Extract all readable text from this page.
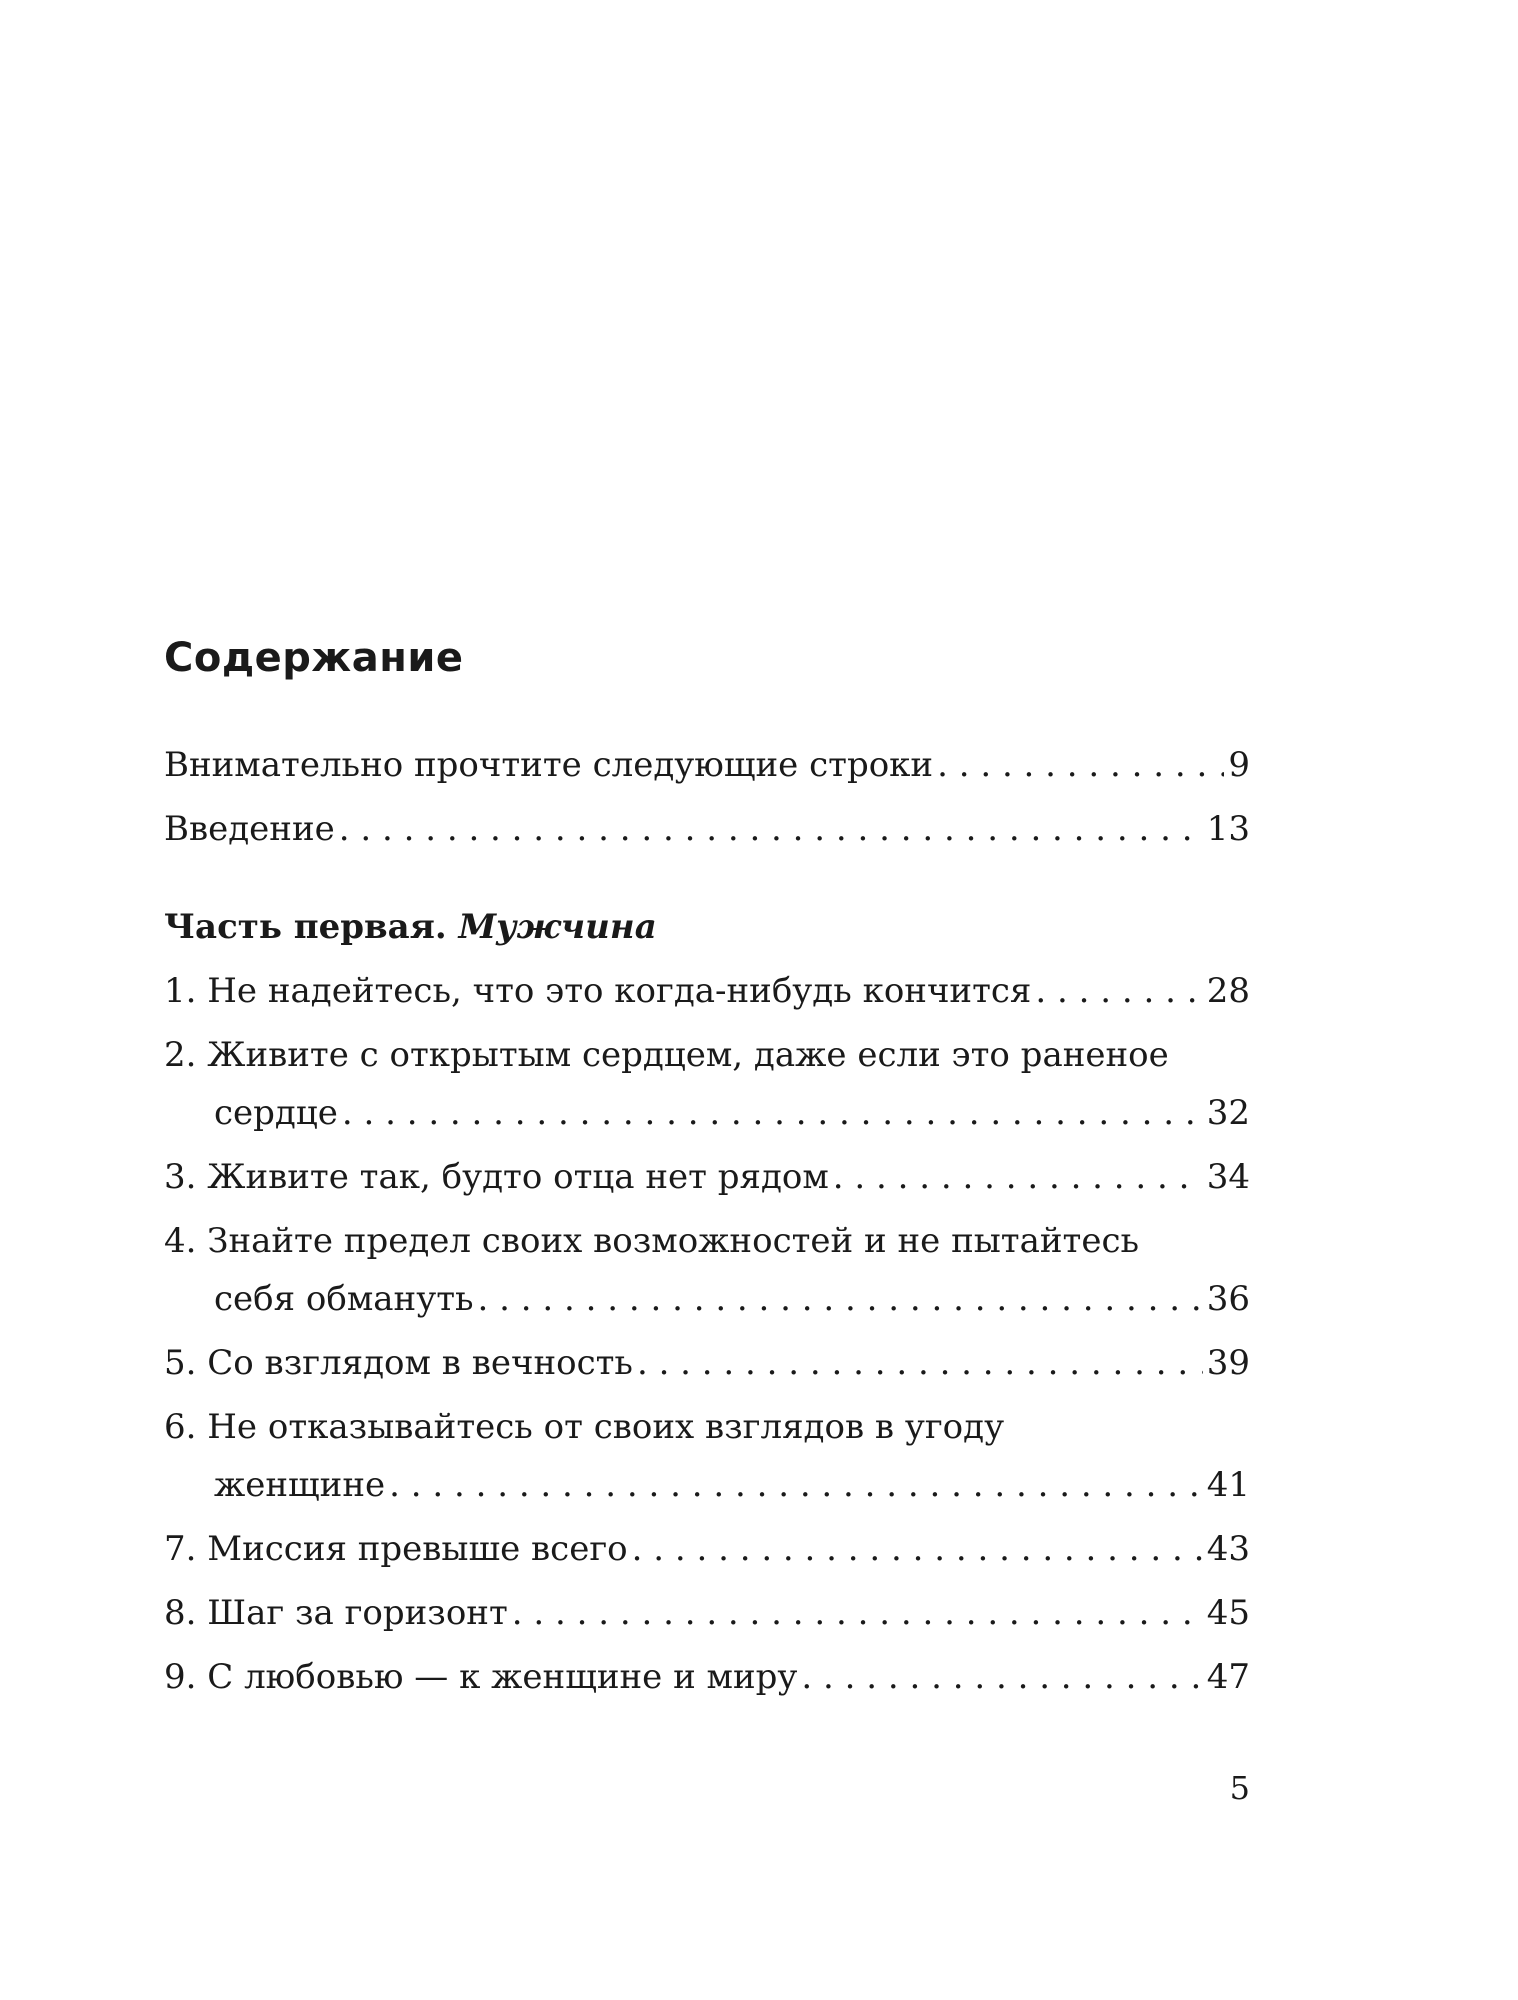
Содержание
Внимательно прочтите следующие строки . . .	9
Введение . . .	13
Часть первая. Мужчина
1.
Не надейтесь, что это когда-нибудь кончится . . .	28
2.
Живите с открытым сердцем, даже если это раненое
сердце . . .	32
3.
Живите так, будто отца нет рядом . . .	34
4.
Знайте предел своих возможностей и не пытайтесь
себя обмануть . . .	36
5.
Со взглядом в вечность . . .	39
6.
Не отказывайтесь от своих взглядов в угоду
женщине . . .	41
7.
Миссия превыше всего . . .	43
8.
Шаг за горизонт . . .	45
9.
С любовью — к женщине и миру . . .	47
5
